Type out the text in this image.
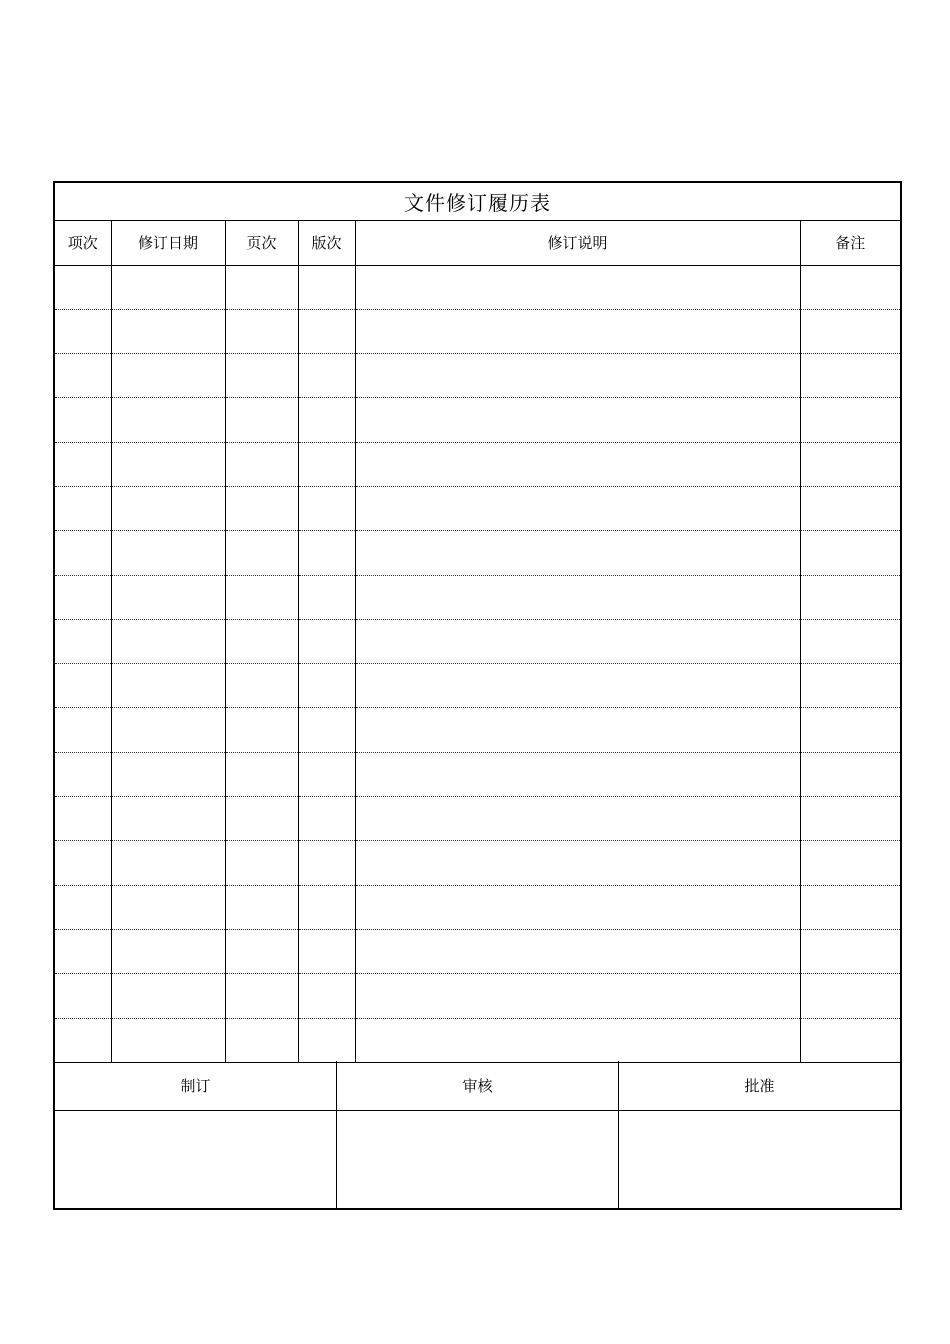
文件修订履历表
项次	修订日期	页次	版次	修订说明	备注

制订	审核	批准
